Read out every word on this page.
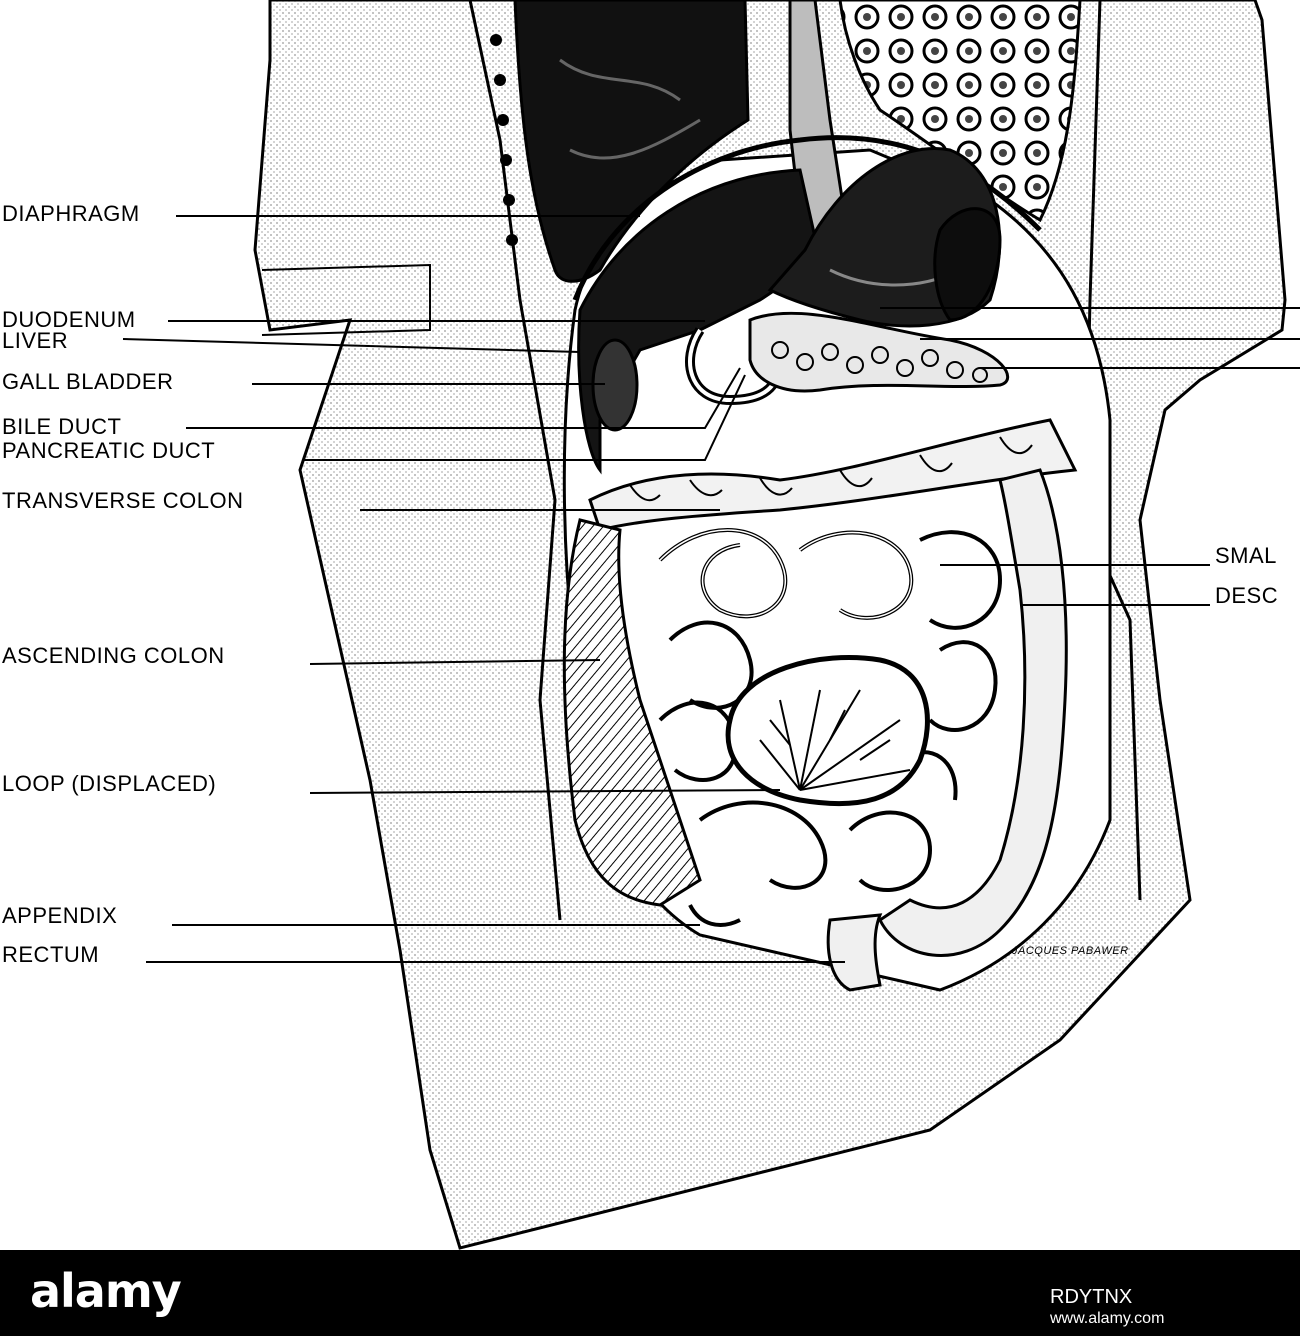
DIAPHRAGM
DUODENUM
LIVER
GALL BLADDER
BILE DUCT
PANCREATIC DUCT
TRANSVERSE COLON
ASCENDING COLON
LOOP (DISPLACED)
APPENDIX
RECTUM
SMAL
DESC
JACQUES PABAWER
alamy	RDYTNX
www.alamy.com
